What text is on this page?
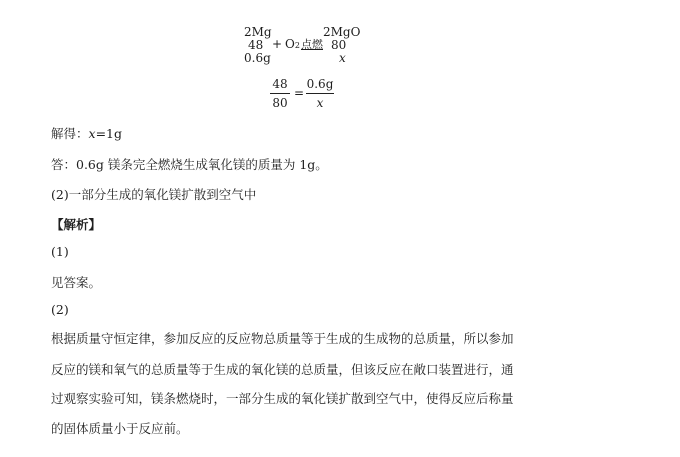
2Mg
48
0.6g
+ O2 点燃
2MgO
80
x
48
80
=
0.6g
x
解得：x=1g
答：0.6g 镁条完全燃烧生成氧化镁的质量为 1g。
(2)一部分生成的氧化镁扩散到空气中
【解析】
(1)
见答案。
(2)
根据质量守恒定律，参加反应的反应物总质量等于生成的生成物的总质量，所以参加
反应的镁和氧气的总质量等于生成的氧化镁的总质量，但该反应在敞口装置进行，通
过观察实验可知，镁条燃烧时，一部分生成的氧化镁扩散到空气中，使得反应后称量
的固体质量小于反应前。
